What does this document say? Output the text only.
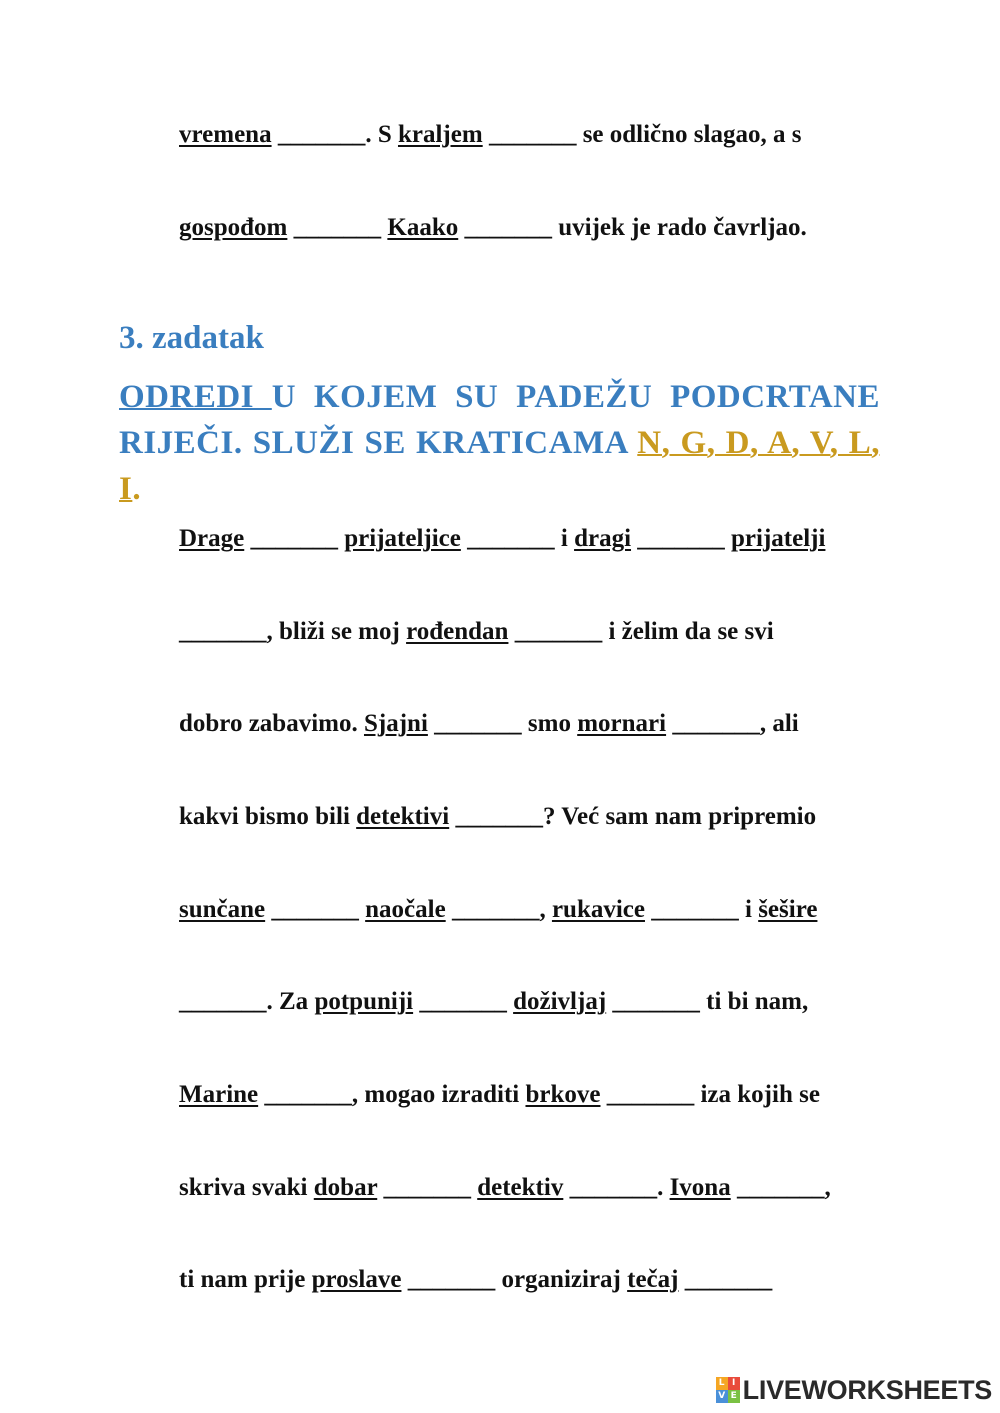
vremena _______. S kraljem _______ se odlično slagao, a s
gospođom _______ Kaako _______ uvijek je rado čavrljao.
3. zadatak
ODREDI U KOJEM SU PADEŽU PODCRTANE RIJEČI. SLUŽI SE KRATICAMA N, G, D, A, V, L, I.
Drage _______ prijateljice _______ i dragi _______ prijatelji
_______, bliži se moj rođendan _______ i želim da se svi
dobro zabavimo. Sjajni _______ smo mornari _______, ali
kakvi bismo bili detektivi _______? Već sam nam pripremio
sunčane _______ naočale _______, rukavice _______ i šešire
_______. Za potpuniji _______ doživljaj _______ ti bi nam,
Marine _______, mogao izraditi brkove _______ iza kojih se
skriva svaki dobar _______ detektiv _______. Ivona _______,
ti nam prije proslave _______ organiziraj tečaj _______
L I
V E LIVEWORKSHEETS
